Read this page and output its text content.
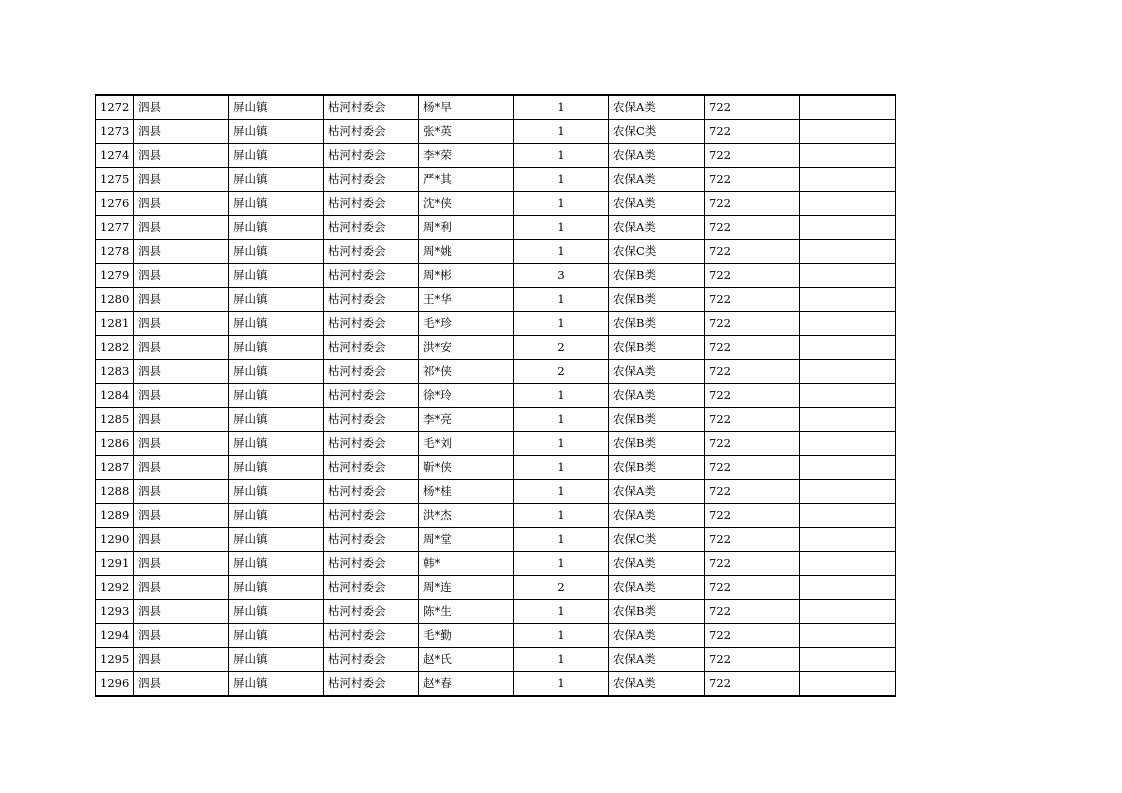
1272	泗县	屏山镇	枯河村委会	杨*早	1	农保A类	722	
1273	泗县	屏山镇	枯河村委会	张*英	1	农保C类	722	
1274	泗县	屏山镇	枯河村委会	李*荣	1	农保A类	722	
1275	泗县	屏山镇	枯河村委会	严*其	1	农保A类	722	
1276	泗县	屏山镇	枯河村委会	沈*侠	1	农保A类	722	
1277	泗县	屏山镇	枯河村委会	周*利	1	农保A类	722	
1278	泗县	屏山镇	枯河村委会	周*姚	1	农保C类	722	
1279	泗县	屏山镇	枯河村委会	周*彬	3	农保B类	722	
1280	泗县	屏山镇	枯河村委会	王*华	1	农保B类	722	
1281	泗县	屏山镇	枯河村委会	毛*珍	1	农保B类	722	
1282	泗县	屏山镇	枯河村委会	洪*安	2	农保B类	722	
1283	泗县	屏山镇	枯河村委会	祁*侠	2	农保A类	722	
1284	泗县	屏山镇	枯河村委会	徐*玲	1	农保A类	722	
1285	泗县	屏山镇	枯河村委会	李*亮	1	农保B类	722	
1286	泗县	屏山镇	枯河村委会	毛*刘	1	农保B类	722	
1287	泗县	屏山镇	枯河村委会	靳*侠	1	农保B类	722	
1288	泗县	屏山镇	枯河村委会	杨*桂	1	农保A类	722	
1289	泗县	屏山镇	枯河村委会	洪*杰	1	农保A类	722	
1290	泗县	屏山镇	枯河村委会	周*堂	1	农保C类	722	
1291	泗县	屏山镇	枯河村委会	韩*	1	农保A类	722	
1292	泗县	屏山镇	枯河村委会	周*连	2	农保A类	722	
1293	泗县	屏山镇	枯河村委会	陈*生	1	农保B类	722	
1294	泗县	屏山镇	枯河村委会	毛*勤	1	农保A类	722	
1295	泗县	屏山镇	枯河村委会	赵*氏	1	农保A类	722	
1296	泗县	屏山镇	枯河村委会	赵*春	1	农保A类	722	
